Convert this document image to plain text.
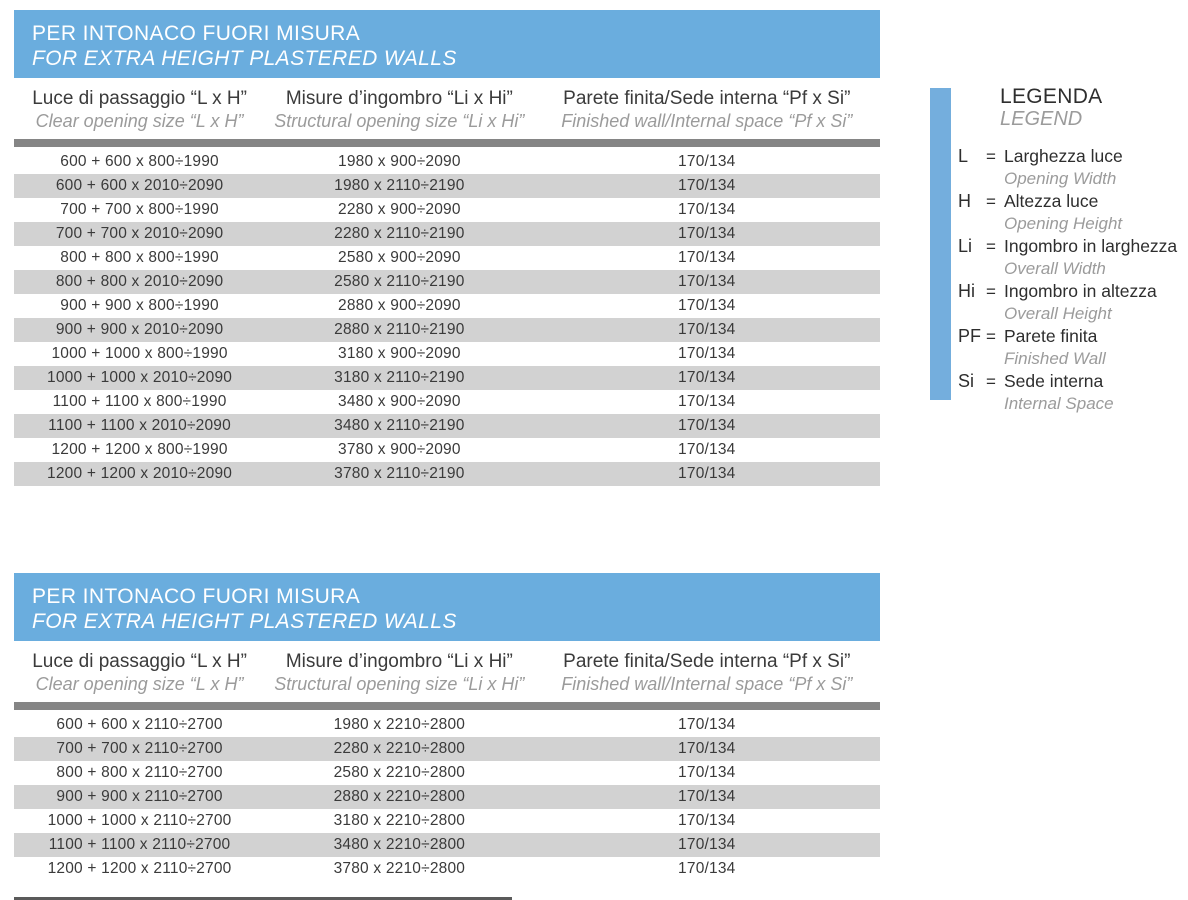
PER INTONACO FUORI MISURA
FOR EXTRA HEIGHT PLASTERED WALLS
Luce di passaggio “L x H”
Clear opening size “L x H”
Misure d’ingombro “Li x Hi”
Structural opening size “Li x Hi”
Parete finita/Sede interna “Pf x Si”
Finished wall/Internal space “Pf x Si”
600 + 600 x 800÷1990	1980 x 900÷2090	170/134
600 + 600 x 2010÷2090	1980 x 2110÷2190	170/134
700 + 700 x 800÷1990	2280 x 900÷2090	170/134
700 + 700 x 2010÷2090	2280 x 2110÷2190	170/134
800 + 800 x 800÷1990	2580 x 900÷2090	170/134
800 + 800 x 2010÷2090	2580 x 2110÷2190	170/134
900 + 900 x 800÷1990	2880 x 900÷2090	170/134
900 + 900 x 2010÷2090	2880 x 2110÷2190	170/134
1000 + 1000 x 800÷1990	3180 x 900÷2090	170/134
1000 + 1000 x 2010÷2090	3180 x 2110÷2190	170/134
1100 + 1100 x 800÷1990	3480 x 900÷2090	170/134
1100 + 1100 x 2010÷2090	3480 x 2110÷2190	170/134
1200 + 1200 x 800÷1990	3780 x 900÷2090	170/134
1200 + 1200 x 2010÷2090	3780 x 2110÷2190	170/134
PER INTONACO FUORI MISURA
FOR EXTRA HEIGHT PLASTERED WALLS
Luce di passaggio “L x H”
Clear opening size “L x H”
Misure d’ingombro “Li x Hi”
Structural opening size “Li x Hi”
Parete finita/Sede interna “Pf x Si”
Finished wall/Internal space “Pf x Si”
600 + 600 x 2110÷2700	1980 x 2210÷2800	170/134
700 + 700 x 2110÷2700	2280 x 2210÷2800	170/134
800 + 800 x 2110÷2700	2580 x 2210÷2800	170/134
900 + 900 x 2110÷2700	2880 x 2210÷2800	170/134
1000 + 1000 x 2110÷2700	3180 x 2210÷2800	170/134
1100 + 1100 x 2110÷2700	3480 x 2210÷2800	170/134
1200 + 1200 x 2110÷2700	3780 x 2210÷2800	170/134
LEGENDA
LEGEND
L	= Larghezza luce
Opening Width
H = Altezza luce
Opening Height
Li = Ingombro in larghezza
Overall Width
Hi = Ingombro in altezza
Overall Height
PF = Parete finita
Finished Wall
Si = Sede interna
Internal Space
